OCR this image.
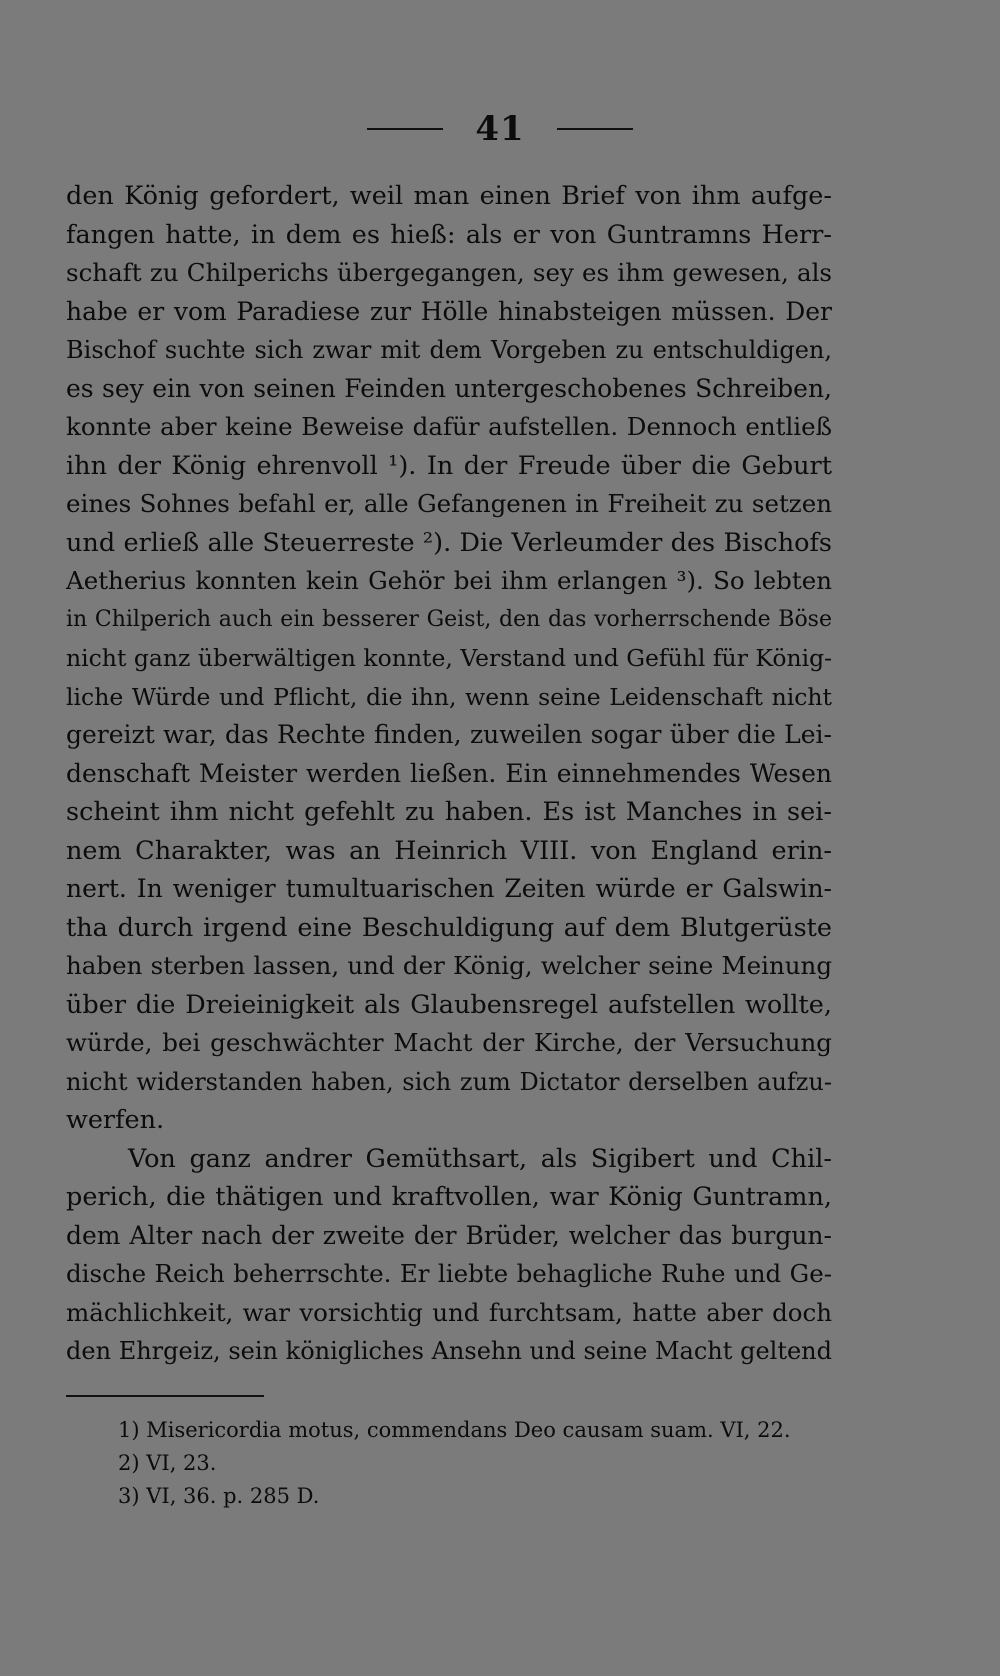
41
den König gefordert, weil man einen Brief von ihm aufge-
fangen hatte, in dem es hieß: als er von Guntramns Herr-
schaft zu Chilperichs übergegangen, sey es ihm gewesen, als
habe er vom Paradiese zur Hölle hinabsteigen müssen. Der
Bischof suchte sich zwar mit dem Vorgeben zu entschuldigen,
es sey ein von seinen Feinden untergeschobenes Schreiben,
konnte aber keine Beweise dafür aufstellen. Dennoch entließ
ihn der König ehrenvoll ¹). In der Freude über die Geburt
eines Sohnes befahl er, alle Gefangenen in Freiheit zu setzen
und erließ alle Steuerreste ²). Die Verleumder des Bischofs
Aetherius konnten kein Gehör bei ihm erlangen ³). So lebten
in Chilperich auch ein besserer Geist, den das vorherrschende Böse
nicht ganz überwältigen konnte, Verstand und Gefühl für König-
liche Würde und Pflicht, die ihn, wenn seine Leidenschaft nicht
gereizt war, das Rechte finden, zuweilen sogar über die Lei-
denschaft Meister werden ließen. Ein einnehmendes Wesen
scheint ihm nicht gefehlt zu haben. Es ist Manches in sei-
nem Charakter, was an Heinrich VIII. von England erin-
nert. In weniger tumultuarischen Zeiten würde er Galswin-
tha durch irgend eine Beschuldigung auf dem Blutgerüste
haben sterben lassen, und der König, welcher seine Meinung
über die Dreieinigkeit als Glaubensregel aufstellen wollte,
würde, bei geschwächter Macht der Kirche, der Versuchung
nicht widerstanden haben, sich zum Dictator derselben aufzu-
werfen.
Von ganz andrer Gemüthsart, als Sigibert und Chil-
perich, die thätigen und kraftvollen, war König Guntramn,
dem Alter nach der zweite der Brüder, welcher das burgun-
dische Reich beherrschte. Er liebte behagliche Ruhe und Ge-
mächlichkeit, war vorsichtig und furchtsam, hatte aber doch
den Ehrgeiz, sein königliches Ansehn und seine Macht geltend
1) Misericordia motus, commendans Deo causam suam. VI, 22.
2) VI, 23.
3) VI, 36. p. 285 D.
